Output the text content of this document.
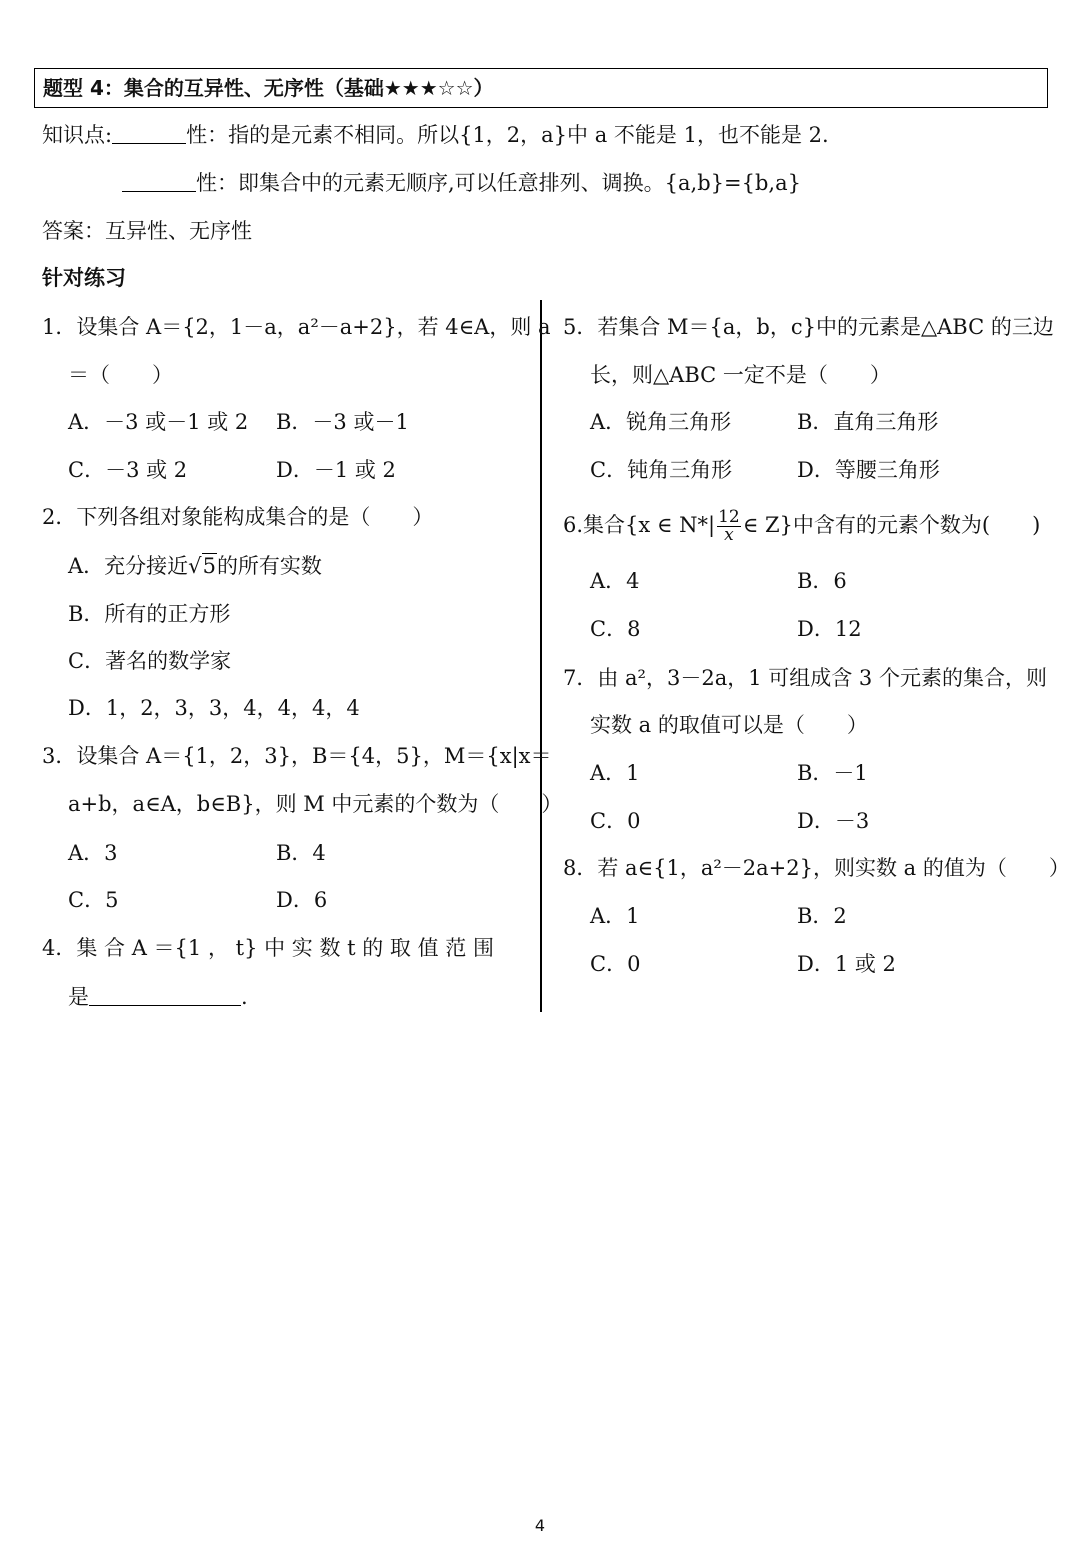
题型 4：集合的互异性、无序性（基础★★★☆☆）
知识点:	性：指的是元素不相同。所以{1，2，a}中 a 不能是 1，也不能是 2.
性：即集合中的元素无顺序,可以任意排列、调换。{a,b}={b,a}
答案：互异性、无序性
针对练习
1．设集合 A＝{2，1－a，a²－a+2}，若 4∈A，则 a
＝（　　）
A．－3 或－1 或 2 B．－3 或－1
C．－3 或 2	D．－1 或 2
2．下列各组对象能构成集合的是（　　）
A．充分接近√5的所有实数
B．所有的正方形
C．著名的数学家
D．1，2，3，3，4，4，4，4
3．设集合 A＝{1，2，3}，B＝{4，5}，M＝{x|x＝
a+b，a∈A，b∈B}，则 M 中元素的个数为（　　）
A．3	B．4
C．5	D．6
4．集 合 A ＝{1 ， t} 中 实 数 t 的 取 值 范 围
是	.
5．若集合 M＝{a，b，c}中的元素是△ABC 的三边
长，则△ABC 一定不是（　　）
A．锐角三角形	B．直角三角形
C．钝角三角形	D．等腰三角形
6.集合{x ∈ $N*| \frac{12}{x}$ ∈ Z}中含有的元素个数为(　　)
A．4	B．6
C．8	D．12
7．由 a²，3－2a，1 可组成含 3 个元素的集合，则
实数 a 的取值可以是（　　）
A．1	B．－1
C．0	D．－3
8．若 a∈{1，a²－2a+2}，则实数 a 的值为（　　）
A．1	B．2
C．0	D．1 或 2
4
